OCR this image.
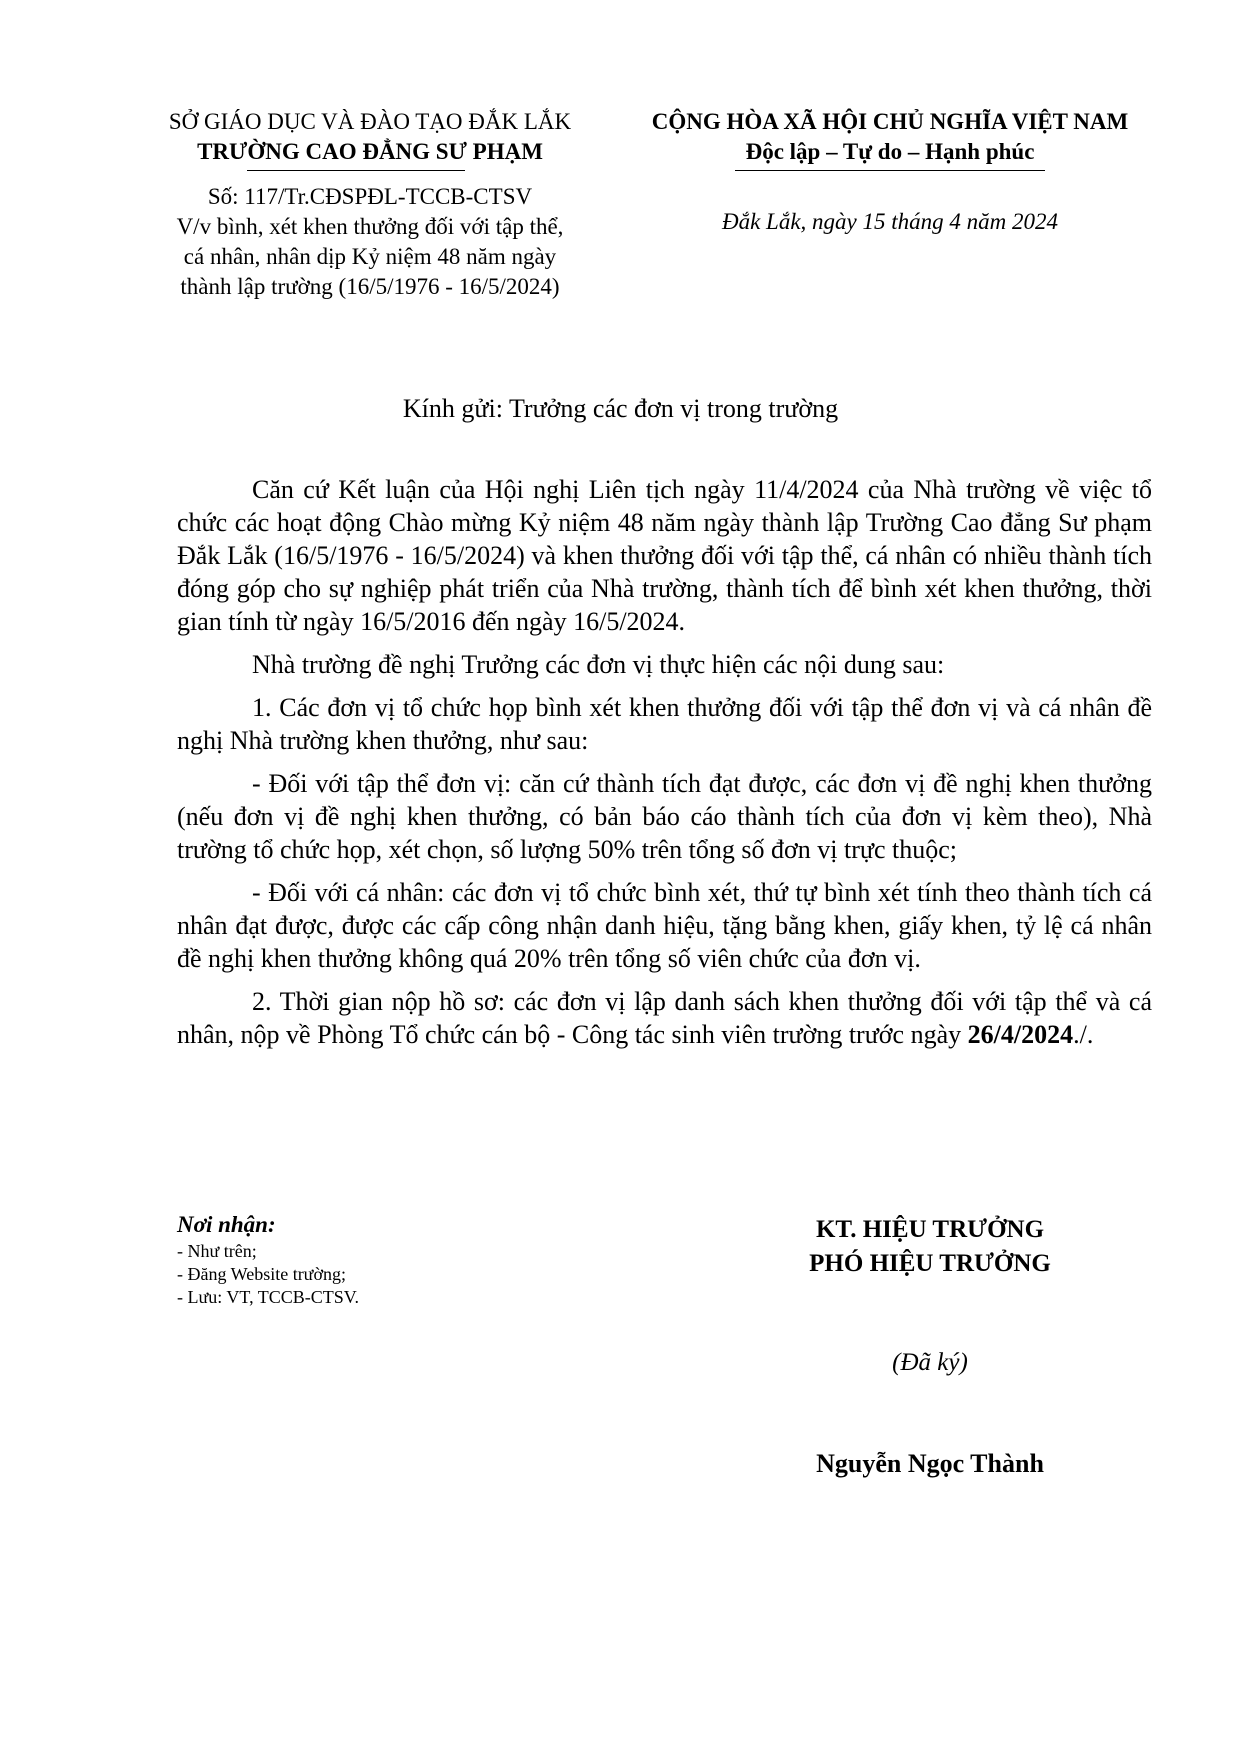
SỞ GIÁO DỤC VÀ ĐÀO TẠO ĐẮK LẮK
TRƯỜNG CAO ĐẲNG SƯ PHẠM
Số: 117/Tr.CĐSPĐL-TCCB-CTSV
V/v bình, xét khen thưởng đối với tập thể,
cá nhân, nhân dịp Kỷ niệm 48 năm ngày
thành lập trường (16/5/1976 - 16/5/2024)
CỘNG HÒA XÃ HỘI CHỦ NGHĨA VIỆT NAM
Độc lập – Tự do – Hạnh phúc
Đắk Lắk, ngày 15 tháng 4 năm 2024
Kính gửi: Trưởng các đơn vị trong trường

Căn cứ Kết luận của Hội nghị Liên tịch ngày 11/4/2024 của Nhà trường về việc tổ chức các hoạt động Chào mừng Kỷ niệm 48 năm ngày thành lập Trường Cao đẳng Sư phạm Đắk Lắk (16/5/1976 - 16/5/2024) và khen thưởng đối với tập thể, cá nhân có nhiều thành tích đóng góp cho sự nghiệp phát triển của Nhà trường, thành tích để bình xét khen thưởng, thời gian tính từ ngày 16/5/2016 đến ngày 16/5/2024.

Nhà trường đề nghị Trưởng các đơn vị thực hiện các nội dung sau:

1. Các đơn vị tổ chức họp bình xét khen thưởng đối với tập thể đơn vị và cá nhân đề nghị Nhà trường khen thưởng, như sau:

- Đối với tập thể đơn vị: căn cứ thành tích đạt được, các đơn vị đề nghị khen thưởng (nếu đơn vị đề nghị khen thưởng, có bản báo cáo thành tích của đơn vị kèm theo), Nhà trường tổ chức họp, xét chọn, số lượng 50% trên tổng số đơn vị trực thuộc;

- Đối với cá nhân: các đơn vị tổ chức bình xét, thứ tự bình xét tính theo thành tích cá nhân đạt được, được các cấp công nhận danh hiệu, tặng bằng khen, giấy khen, tỷ lệ cá nhân đề nghị khen thưởng không quá 20% trên tổng số viên chức của đơn vị.

2. Thời gian nộp hồ sơ: các đơn vị lập danh sách khen thưởng đối với tập thể và cá nhân, nộp về Phòng Tổ chức cán bộ - Công tác sinh viên trường trước ngày 26/4/2024./.

Nơi nhận:
- Như trên;
- Đăng Website trường;
- Lưu: VT, TCCB-CTSV.
KT. HIỆU TRƯỞNG
PHÓ HIỆU TRƯỞNG
(Đã ký)
Nguyễn Ngọc Thành
